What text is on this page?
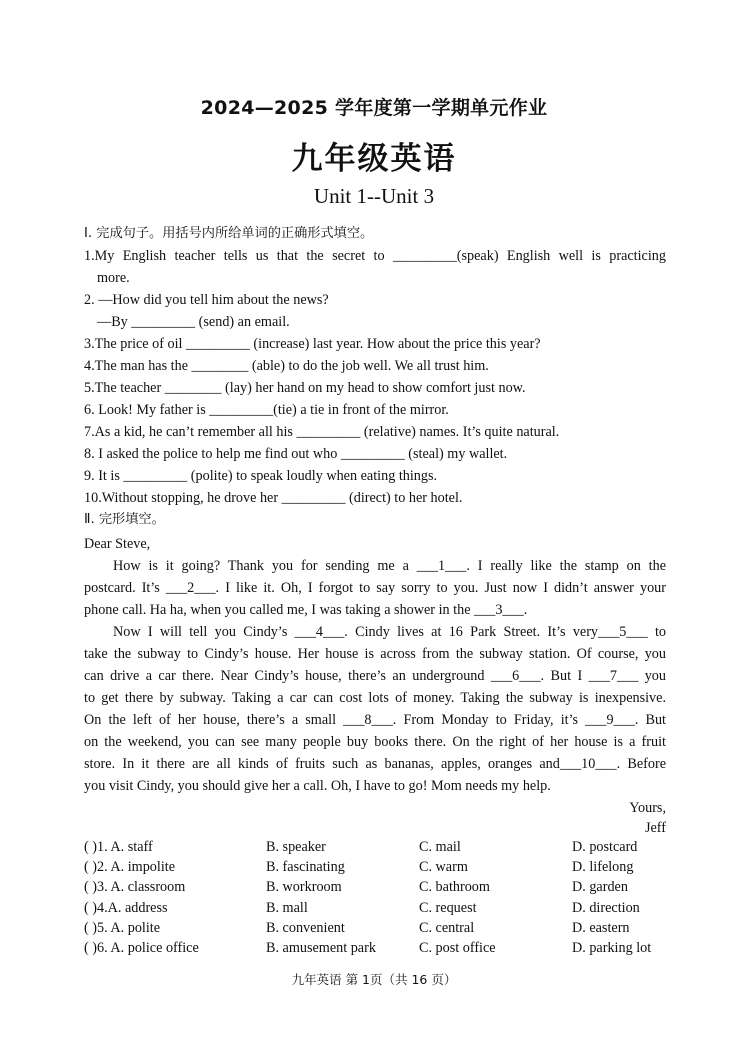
2024—2025 学年度第一学期单元作业
九年级英语
Unit 1--Unit 3
I. 完成句子。用括号内所给单词的正确形式填空。
1.My English teacher tells us that the secret to _________(speak) English well is practicing
more.
2. —How did you tell him about the news?
—By _________ (send) an email.
3.The price of oil _________ (increase) last year. How about the price this year?
4.The man has the ________ (able) to do the job well. We all trust him.
5.The teacher ________ (lay) her hand on my head to show comfort just now.
6. Look! My father is _________(tie) a tie in front of the mirror.
7.As a kid, he can’t remember all his _________ (relative) names. It’s quite natural.
8. I asked the police to help me find out who _________ (steal) my wallet.
9. It is _________ (polite) to speak loudly when eating things.
10.Without stopping, he drove her _________ (direct) to her hotel.
Ⅱ. 完形填空。
Dear Steve,
How is it going? Thank you for sending me a ___1___. I really like the stamp on the
postcard. It’s ___2___. I like it. Oh, I forgot to say sorry to you. Just now I didn’t answer your
phone call. Ha ha, when you called me, I was taking a shower in the ___3___.
Now I will tell you Cindy’s ___4___. Cindy lives at 16 Park Street. It’s very___5___ to
take the subway to Cindy’s house. Her house is across from the subway station. Of course, you
can drive a car there. Near Cindy’s house, there’s an underground ___6___. But I ___7___ you
to get there by subway. Taking a car can cost lots of money. Taking the subway is inexpensive.
On the left of her house, there’s a small ___8___. From Monday to Friday, it’s ___9___. But
on the weekend, you can see many people buy books there. On the right of her house is a fruit
store. In it there are all kinds of fruits such as bananas, apples, oranges and___10___. Before
you visit Cindy, you should give her a call. Oh, I have to go! Mom needs my help.
Yours,
Jeff
( )1. A. staff	B. speaker	C. mail	D. postcard
( )2. A. impolite	B. fascinating	C. warm	D. lifelong
( )3. A. classroom	B. workroom	C. bathroom	D. garden
( )4.A. address	B. mall	C. request	D. direction
( )5. A. polite	B. convenient	C. central	D. eastern
( )6. A. police office	B. amusement park	C. post office	D. parking lot
九年英语 第 1页（共 16 页）
